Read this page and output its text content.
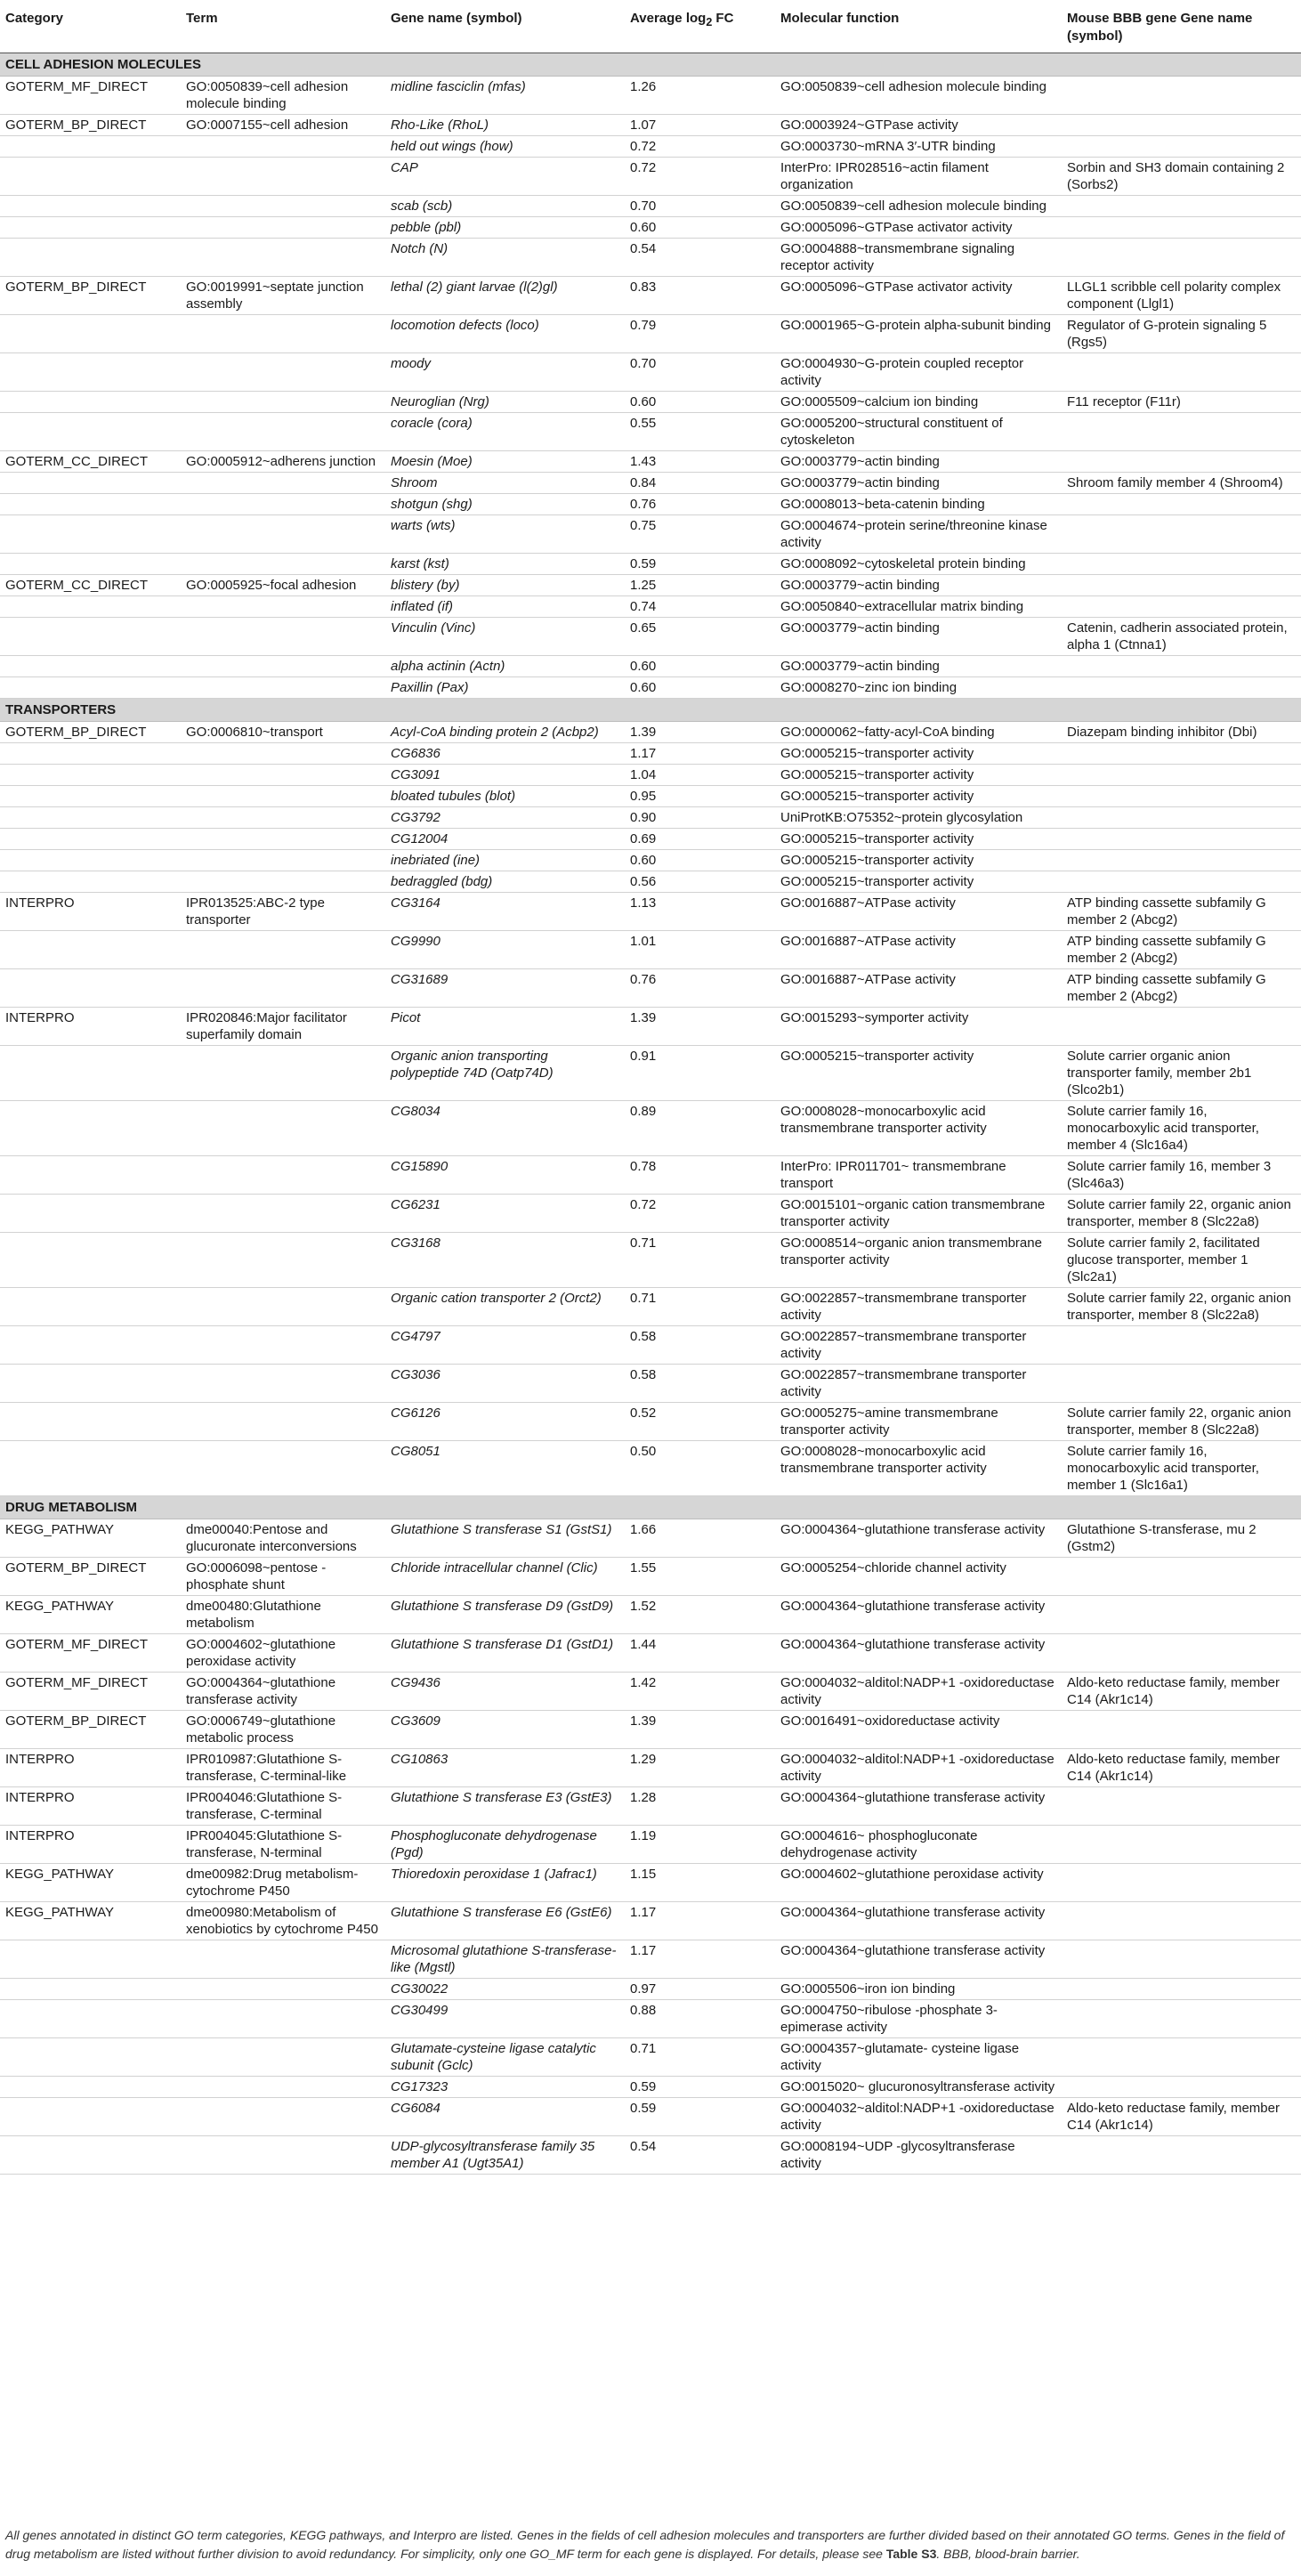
Category	Term	Gene name (symbol)	Average $\log_2$ FC	Molecular function	Mouse BBB gene Gene name (symbol)
CELL ADHESION MOLECULES					
GOTERM_MF_DIRECT	GO:0050839~cell adhesion molecule binding	midline fasciclin (mfas)	1.26	GO:0050839~cell adhesion molecule binding	
GOTERM_BP_DIRECT	GO:0007155~cell adhesion	Rho-Like (RhoL)	1.07	GO:0003924~GTPase activity	
		held out wings (how)	0.72	GO:0003730~mRNA 3′-UTR binding	
		CAP	0.72	InterPro: IPR028516~actin filament organization	Sorbin and SH3 domain containing 2 (Sorbs2)
		scab (scb)	0.70	GO:0050839~cell adhesion molecule binding	
		pebble (pbl)	0.60	GO:0005096~GTPase activator activity	
		Notch (N)	0.54	GO:0004888~transmembrane signaling receptor activity	
GOTERM_BP_DIRECT	GO:0019991~septate junction assembly	lethal (2) giant larvae (l(2)gl)	0.83	GO:0005096~GTPase activator activity	LLGL1 scribble cell polarity complex component (Llgl1)
		locomotion defects (loco)	0.79	GO:0001965~G-protein alpha-subunit binding	Regulator of G-protein signaling 5 (Rgs5)
		moody	0.70	GO:0004930~G-protein coupled receptor activity	
		Neuroglian (Nrg)	0.60	GO:0005509~calcium ion binding	F11 receptor (F11r)
		coracle (cora)	0.55	GO:0005200~structural constituent of cytoskeleton	
GOTERM_CC_DIRECT	GO:0005912~adherens junction	Moesin (Moe)	1.43	GO:0003779~actin binding	
		Shroom	0.84	GO:0003779~actin binding	Shroom family member 4 (Shroom4)
		shotgun (shg)	0.76	GO:0008013~beta-catenin binding	
		warts (wts)	0.75	GO:0004674~protein serine/threonine kinase activity	
		karst (kst)	0.59	GO:0008092~cytoskeletal protein binding	
GOTERM_CC_DIRECT	GO:0005925~focal adhesion	blistery (by)	1.25	GO:0003779~actin binding	
		inflated (if)	0.74	GO:0050840~extracellular matrix binding	
		Vinculin (Vinc)	0.65	GO:0003779~actin binding	Catenin, cadherin associated protein, alpha 1 (Ctnna1)
		alpha actinin (Actn)	0.60	GO:0003779~actin binding	
		Paxillin (Pax)	0.60	GO:0008270~zinc ion binding	
TRANSPORTERS					
GOTERM_BP_DIRECT	GO:0006810~transport	Acyl-CoA binding protein 2 (Acbp2)	1.39	GO:0000062~fatty-acyl-CoA binding	Diazepam binding inhibitor (Dbi)
		CG6836	1.17	GO:0005215~transporter activity	
		CG3091	1.04	GO:0005215~transporter activity	
		bloated tubules (blot)	0.95	GO:0005215~transporter activity	
		CG3792	0.90	UniProtKB:O75352~protein glycosylation	
		CG12004	0.69	GO:0005215~transporter activity	
		inebriated (ine)	0.60	GO:0005215~transporter activity	
		bedraggled (bdg)	0.56	GO:0005215~transporter activity	
INTERPRO	IPR013525:ABC-2 type transporter	CG3164	1.13	GO:0016887~ATPase activity	ATP binding cassette subfamily G member 2 (Abcg2)
		CG9990	1.01	GO:0016887~ATPase activity	ATP binding cassette subfamily G member 2 (Abcg2)
		CG31689	0.76	GO:0016887~ATPase activity	ATP binding cassette subfamily G member 2 (Abcg2)
INTERPRO	IPR020846:Major facilitator superfamily domain	Picot	1.39	GO:0015293~symporter activity	
		Organic anion transporting polypeptide 74D (Oatp74D)	0.91	GO:0005215~transporter activity	Solute carrier organic anion transporter family, member 2b1 (Slco2b1)
		CG8034	0.89	GO:0008028~monocarboxylic acid transmembrane transporter activity	Solute carrier family 16, monocarboxylic acid transporter, member 4 (Slc16a4)
		CG15890	0.78	InterPro: IPR011701~ transmembrane transport	Solute carrier family 16, member 3 (Slc46a3)
		CG6231	0.72	GO:0015101~organic cation transmembrane transporter activity	Solute carrier family 22, organic anion transporter, member 8 (Slc22a8)
		CG3168	0.71	GO:0008514~organic anion transmembrane transporter activity	Solute carrier family 2, facilitated glucose transporter, member 1 (Slc2a1)
		Organic cation transporter 2 (Orct2)	0.71	GO:0022857~transmembrane transporter activity	Solute carrier family 22, organic anion transporter, member 8 (Slc22a8)
		CG4797	0.58	GO:0022857~transmembrane transporter activity	
		CG3036	0.58	GO:0022857~transmembrane transporter activity	
		CG6126	0.52	GO:0005275~amine transmembrane transporter activity	Solute carrier family 22, organic anion transporter, member 8 (Slc22a8)
		CG8051	0.50	GO:0008028~monocarboxylic acid transmembrane transporter activity	Solute carrier family 16, monocarboxylic acid transporter, member 1 (Slc16a1)
DRUG METABOLISM					
KEGG_PATHWAY	dme00040:Pentose and glucuronate interconversions	Glutathione S transferase S1 (GstS1)	1.66	GO:0004364~glutathione transferase activity	Glutathione S-transferase, mu 2 (Gstm2)
GOTERM_BP_DIRECT	GO:0006098~pentose -phosphate shunt	Chloride intracellular channel (Clic)	1.55	GO:0005254~chloride channel activity	
KEGG_PATHWAY	dme00480:Glutathione metabolism	Glutathione S transferase D9 (GstD9)	1.52	GO:0004364~glutathione transferase activity	
GOTERM_MF_DIRECT	GO:0004602~glutathione peroxidase activity	Glutathione S transferase D1 (GstD1)	1.44	GO:0004364~glutathione transferase activity	
GOTERM_MF_DIRECT	GO:0004364~glutathione transferase activity	CG9436	1.42	GO:0004032~alditol:NADP+1 -oxidoreductase activity	Aldo-keto reductase family, member C14 (Akr1c14)
GOTERM_BP_DIRECT	GO:0006749~glutathione metabolic process	CG3609	1.39	GO:0016491~oxidoreductase activity	
INTERPRO	IPR010987:Glutathione S-transferase, C-terminal-like	CG10863	1.29	GO:0004032~alditol:NADP+1 -oxidoreductase activity	Aldo-keto reductase family, member C14 (Akr1c14)
INTERPRO	IPR004046:Glutathione S-transferase, C-terminal	Glutathione S transferase E3 (GstE3)	1.28	GO:0004364~glutathione transferase activity	
INTERPRO	IPR004045:Glutathione S-transferase, N-terminal	Phosphogluconate dehydrogenase (Pgd)	1.19	GO:0004616~ phosphogluconate dehydrogenase activity	
KEGG_PATHWAY	dme00982:Drug metabolism-cytochrome P450	Thioredoxin peroxidase 1 (Jafrac1)	1.15	GO:0004602~glutathione peroxidase activity	
KEGG_PATHWAY	dme00980:Metabolism of xenobiotics by cytochrome P450	Glutathione S transferase E6 (GstE6)	1.17	GO:0004364~glutathione transferase activity	
		Microsomal glutathione S-transferase-like (Mgstl)	1.17	GO:0004364~glutathione transferase activity	
		CG30022	0.97	GO:0005506~iron ion binding	
		CG30499	0.88	GO:0004750~ribulose -phosphate 3-epimerase activity	
		Glutamate-cysteine ligase catalytic subunit (Gclc)	0.71	GO:0004357~glutamate- cysteine ligase activity	
		CG17323	0.59	GO:0015020~ glucuronosyltransferase activity	
		CG6084	0.59	GO:0004032~alditol:NADP+1 -oxidoreductase activity	Aldo-keto reductase family, member C14 (Akr1c14)
		UDP-glycosyltransferase family 35 member A1 (Ugt35A1)	0.54	GO:0008194~UDP -glycosyltransferase activity	
All genes annotated in distinct GO term categories, KEGG pathways, and Interpro are listed. Genes in the fields of cell adhesion molecules and transporters are further divided based on their annotated GO terms. Genes in the field of drug metabolism are listed without further division to avoid redundancy. For simplicity, only one GO_MF term for each gene is displayed. For details, please see Table S3. BBB, blood-brain barrier.
